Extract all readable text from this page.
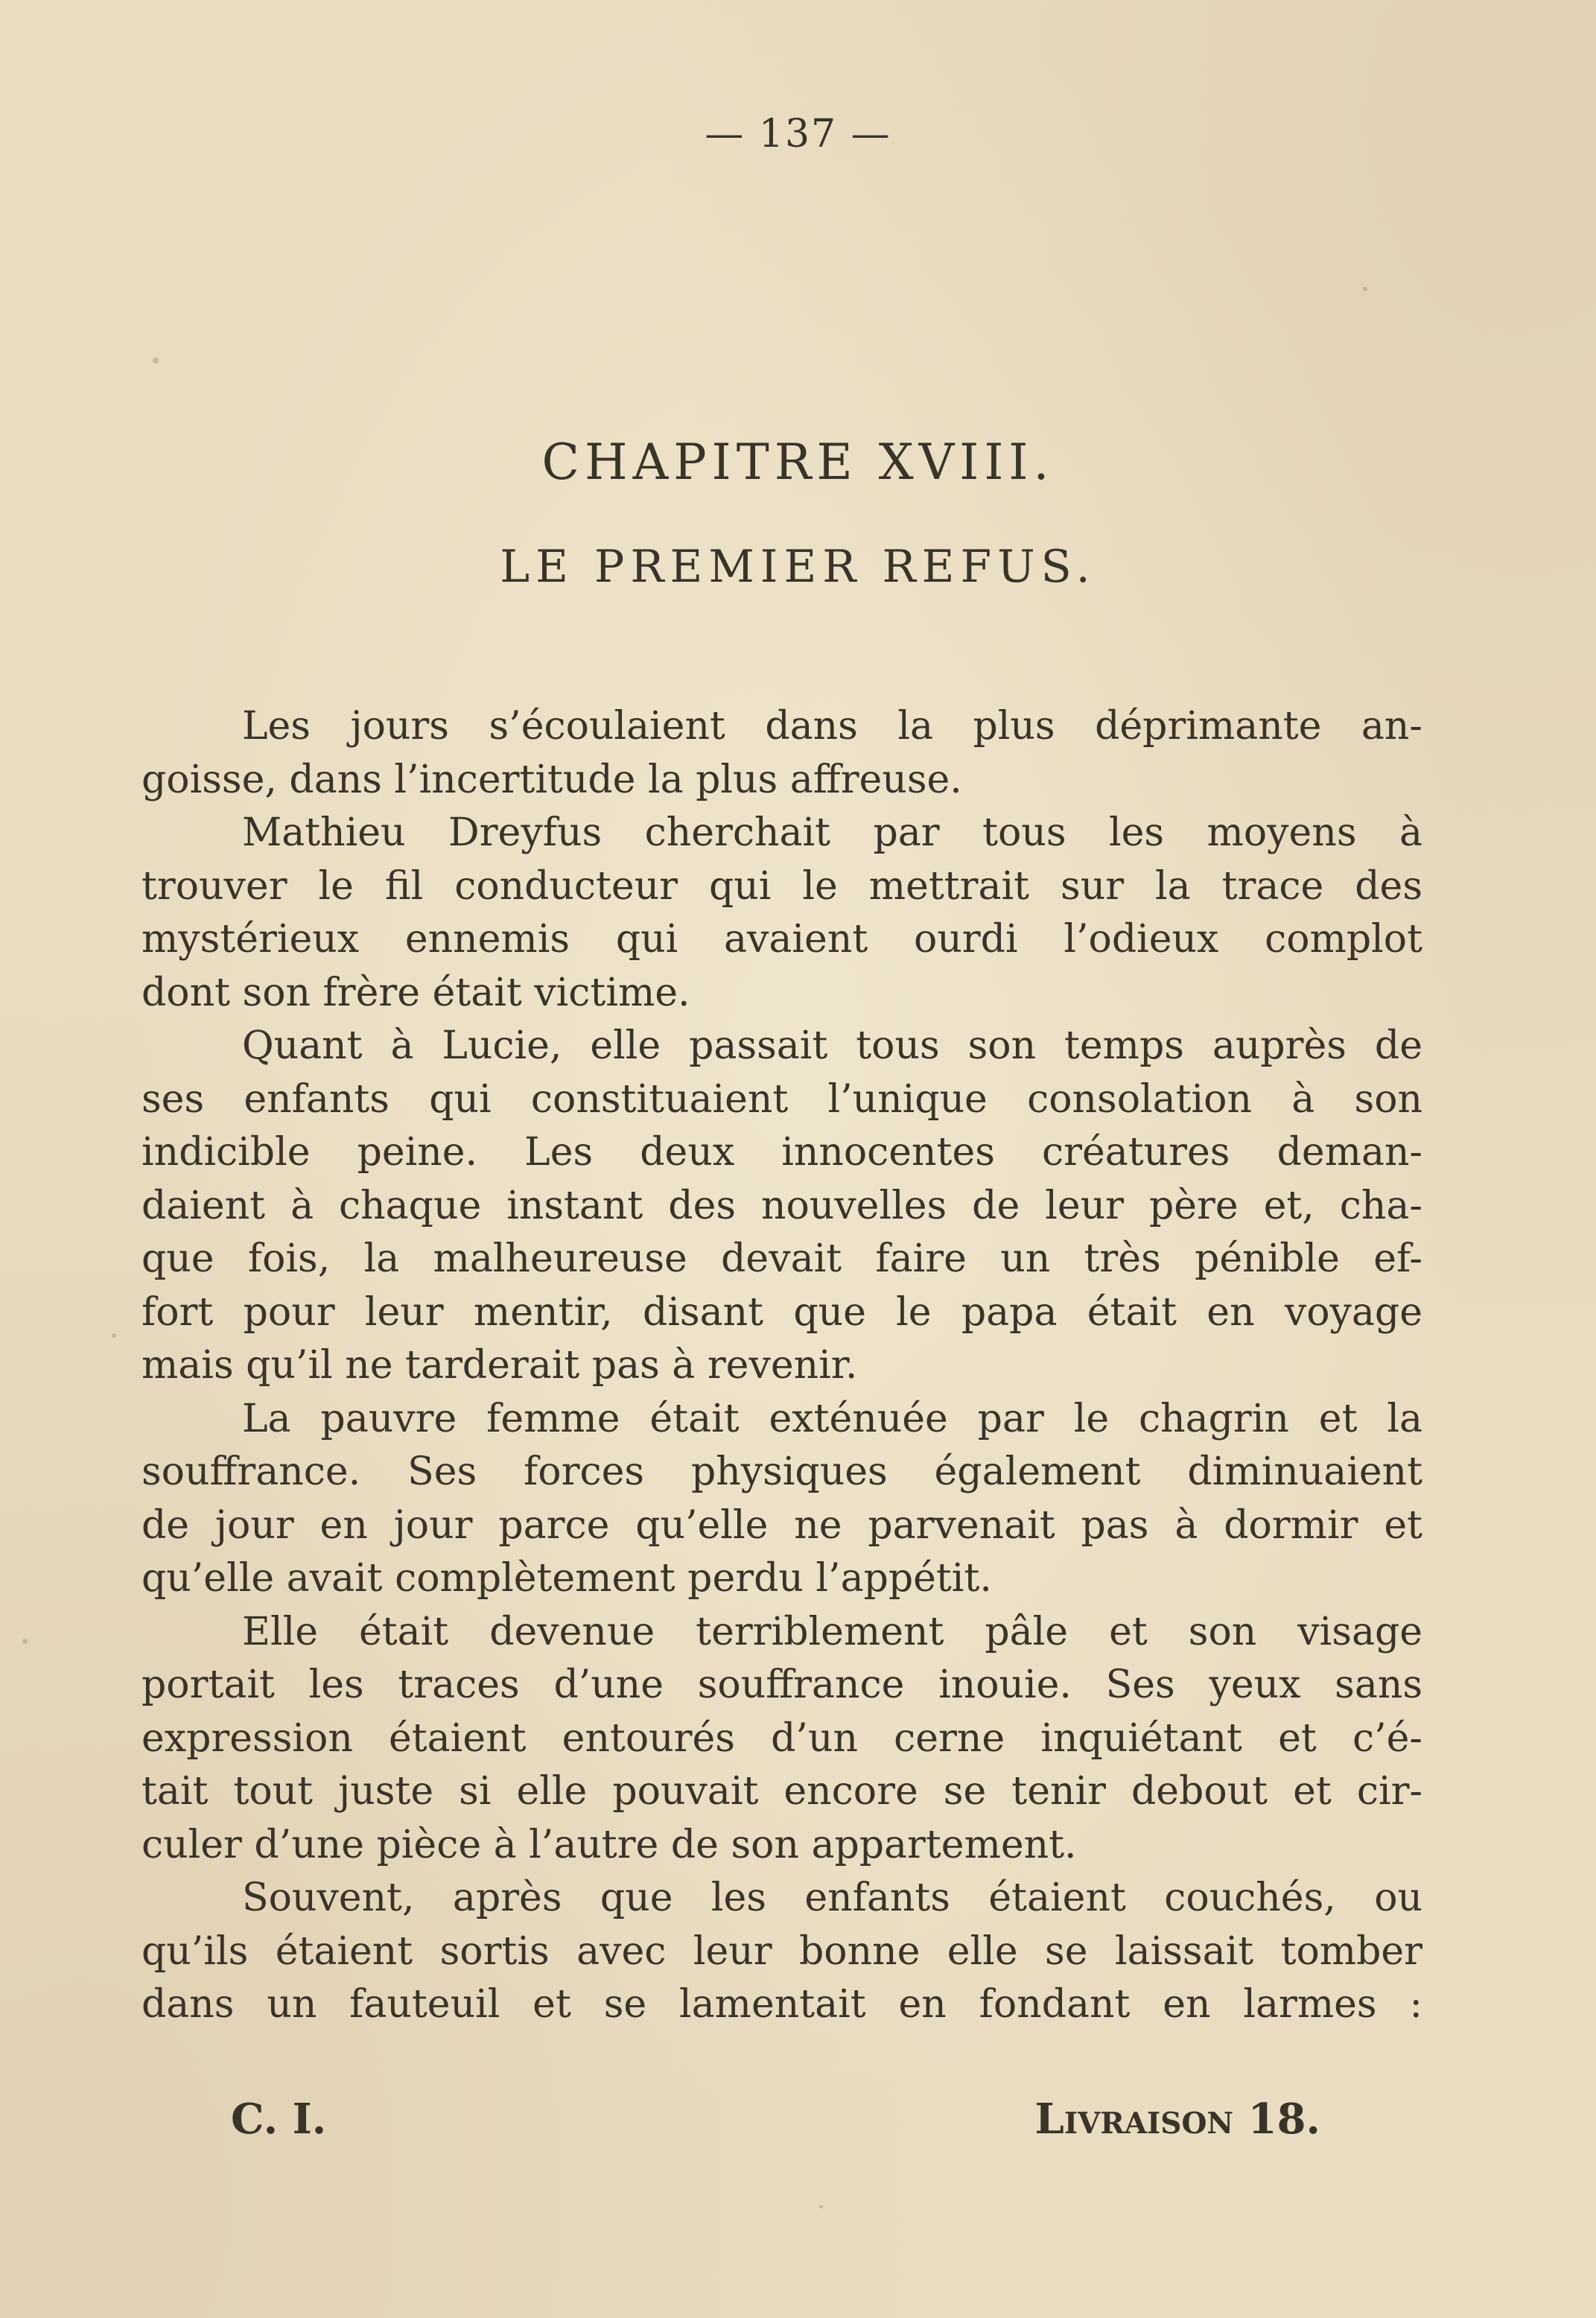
— 137 —
CHAPITRE XVIII.
LE PREMIER REFUS.
Les jours s’écoulaient dans la plus déprimante an-
goisse, dans l’incertitude la plus affreuse.
Mathieu Dreyfus cherchait par tous les moyens à
trouver le fil conducteur qui le mettrait sur la trace des
mystérieux ennemis qui avaient ourdi l’odieux complot
dont son frère était victime.
Quant à Lucie, elle passait tous son temps auprès de
ses enfants qui constituaient l’unique consolation à son
indicible peine. Les deux innocentes créatures deman-
daient à chaque instant des nouvelles de leur père et, cha-
que fois, la malheureuse devait faire un très pénible ef-
fort pour leur mentir, disant que le papa était en voyage
mais qu’il ne tarderait pas à revenir.
La pauvre femme était exténuée par le chagrin et la
souffrance. Ses forces physiques également diminuaient
de jour en jour parce qu’elle ne parvenait pas à dormir et
qu’elle avait complètement perdu l’appétit.
Elle était devenue terriblement pâle et son visage
portait les traces d’une souffrance inouie. Ses yeux sans
expression étaient entourés d’un cerne inquiétant et c’é-
tait tout juste si elle pouvait encore se tenir debout et cir-
culer d’une pièce à l’autre de son appartement.
Souvent, après que les enfants étaient couchés, ou
qu’ils étaient sortis avec leur bonne elle se laissait tomber
dans un fauteuil et se lamentait en fondant en larmes :
C. I.	Livraison 18.
